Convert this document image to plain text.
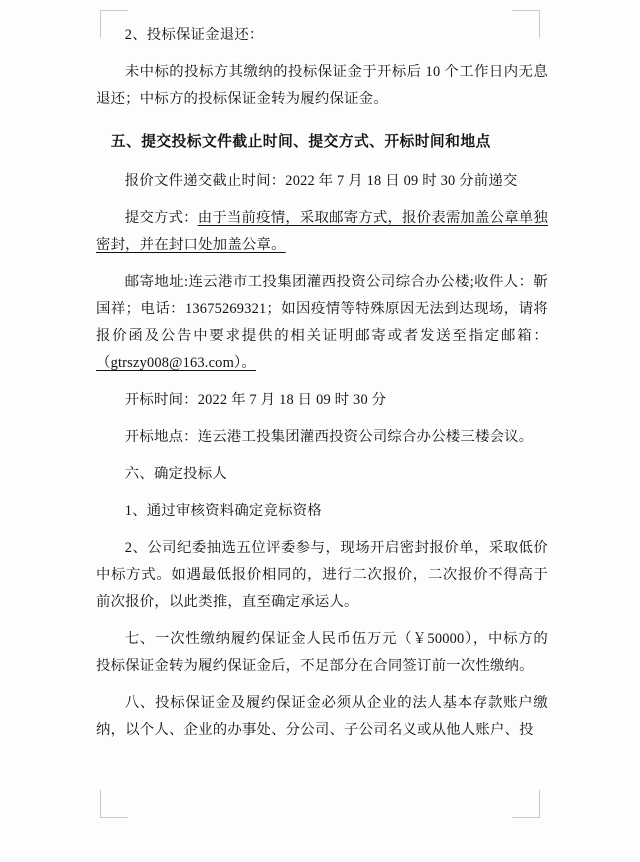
2、投标保证金退还：

未中标的投标方其缴纳的投标保证金于开标后 10 个工作日内无息退还；中标方的投标保证金转为履约保证金。

五、提交投标文件截止时间、提交方式、开标时间和地点

报价文件递交截止时间：2022 年 7 月 18 日 09 时 30 分前递交

提交方式：由于当前疫情，采取邮寄方式，报价表需加盖公章单独密封，并在封口处加盖公章。

邮寄地址:连云港市工投集团灌西投资公司综合办公楼;收件人：靳国祥；电话：13675269321；如因疫情等特殊原因无法到达现场，请将报价函及公告中要求提供的相关证明邮寄或者发送至指定邮箱：（gtrszy008@163.com）。

开标时间：2022 年 7 月 18 日 09 时 30 分

开标地点：连云港工投集团灌西投资公司综合办公楼三楼会议。

六、确定投标人

1、通过审核资料确定竞标资格

2、公司纪委抽选五位评委参与，现场开启密封报价单，采取低价中标方式。如遇最低报价相同的，进行二次报价，二次报价不得高于前次报价，以此类推，直至确定承运人。

七、一次性缴纳履约保证金人民币伍万元（￥50000），中标方的投标保证金转为履约保证金后，不足部分在合同签订前一次性缴纳。

八、投标保证金及履约保证金必须从企业的法人基本存款账户缴纳，以个人、企业的办事处、分公司、子公司名义或从他人账户、投
